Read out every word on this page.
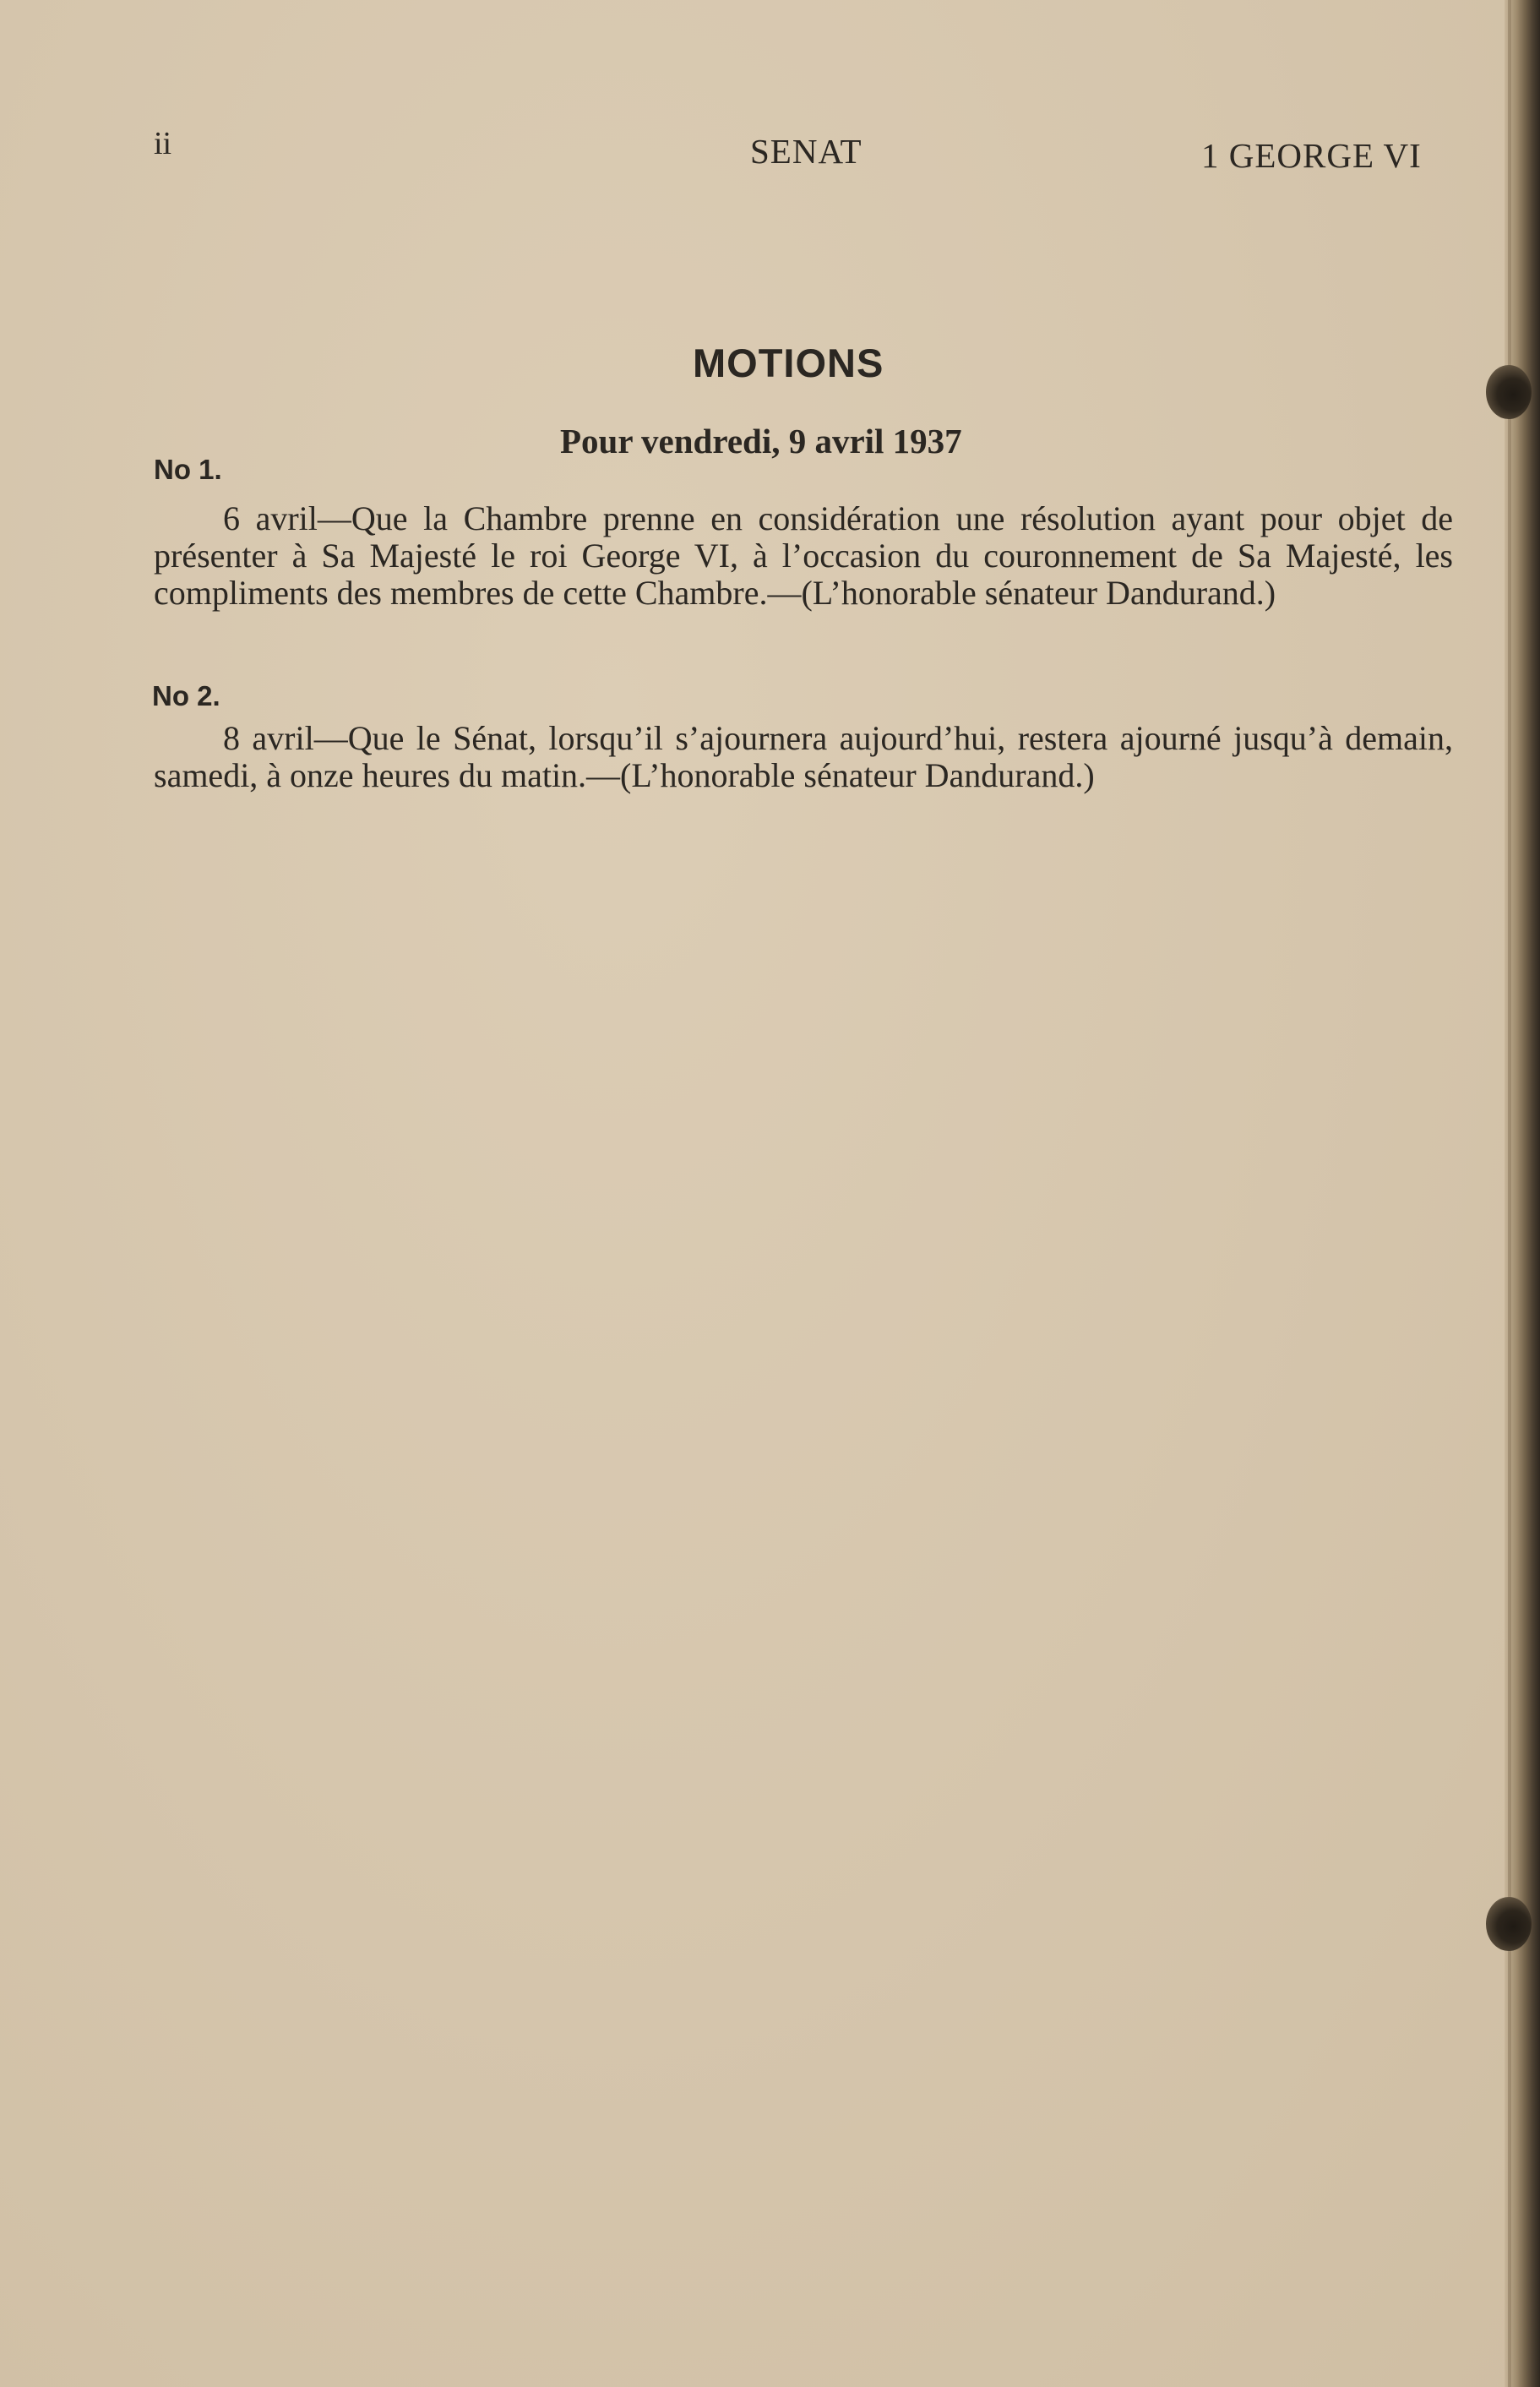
ii	SENAT	1 GEORGE VI
MOTIONS
Pour vendredi, 9 avril 1937
No 1.

6 avril—Que la Chambre prenne en considération une résolution ayant pour objet de présenter à Sa Majesté le roi George VI, à l’occasion du couronnement de Sa Majesté, les compliments des membres de cette Chambre.—(L’honorable sénateur Dandurand.)

No 2.

8 avril—Que le Sénat, lorsqu’il s’ajournera aujourd’hui, restera ajourné jusqu’à demain, samedi, à onze heures du matin.—(L’honorable sénateur Dandurand.)
